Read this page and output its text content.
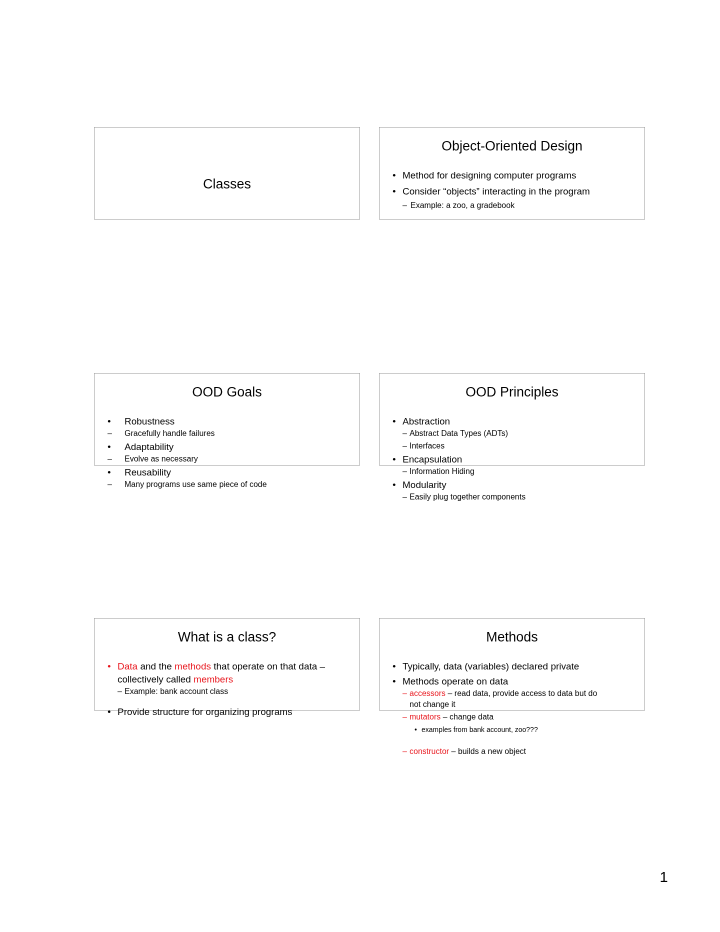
Classes
Object-Oriented Design

• Method for designing computer programs

• Consider “objects” interacting in the program

– Example: a zoo, a gradebook

OOD Goals

• Robustness

– Gracefully handle failures

• Adaptability

– Evolve as necessary

• Reusability

– Many programs use same piece of code

OOD Principles

• Abstraction

– Abstract Data Types (ADTs)

– Interfaces

• Encapsulation

– Information Hiding

• Modularity

– Easily plug together components

What is a class?

• Data and the methods that operate on that data – collectively called members

– Example: bank account class

• Provide structure for organizing programs

Methods

• Typically, data (variables) declared private

• Methods operate on data

– accessors – read data, provide access to data but do not change it

– mutators – change data

• examples from bank account, zoo???

– constructor – builds a new object

1
